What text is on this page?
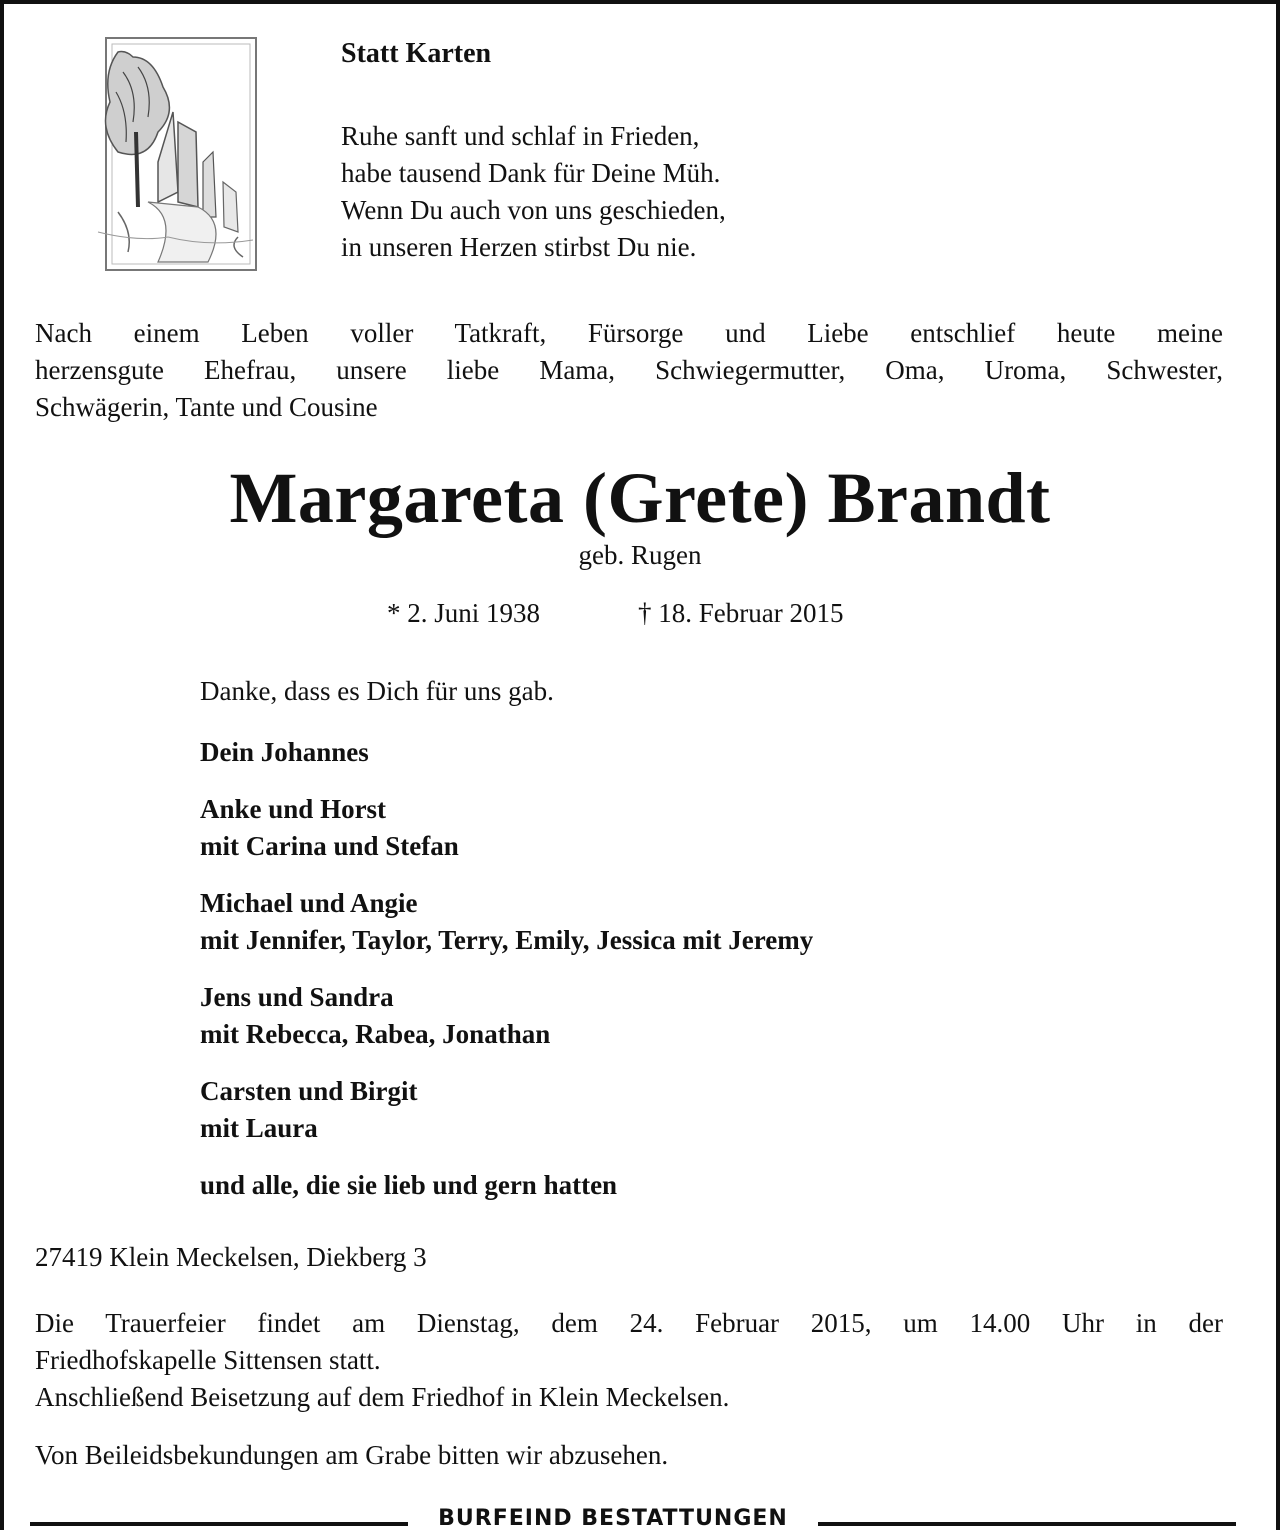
Statt Karten
Ruhe sanft und schlaf in Frieden,
habe tausend Dank für Deine Müh.
Wenn Du auch von uns geschieden,
in unseren Herzen stirbst Du nie.
Nach einem Leben voller Tatkraft, Fürsorge und Liebe entschlief heute meine
herzensgute Ehefrau, unsere liebe Mama, Schwiegermutter, Oma, Uroma, Schwester,
Schwägerin, Tante und Cousine
Margareta (Grete) Brandt
geb. Rugen
* 2. Juni 1938	† 18. Februar 2015
Danke, dass es Dich für uns gab.
Dein Johannes
Anke und Horst
mit Carina und Stefan
Michael und Angie
mit Jennifer, Taylor, Terry, Emily, Jessica mit Jeremy
Jens und Sandra
mit Rebecca, Rabea, Jonathan
Carsten und Birgit
mit Laura
und alle, die sie lieb und gern hatten
27419 Klein Meckelsen, Diekberg 3
Die Trauerfeier findet am Dienstag, dem 24. Februar 2015, um 14.00 Uhr in der
Friedhofskapelle Sittensen statt.
Anschließend Beisetzung auf dem Friedhof in Klein Meckelsen.
Von Beileidsbekundungen am Grabe bitten wir abzusehen.
BURFEIND BESTATTUNGEN
